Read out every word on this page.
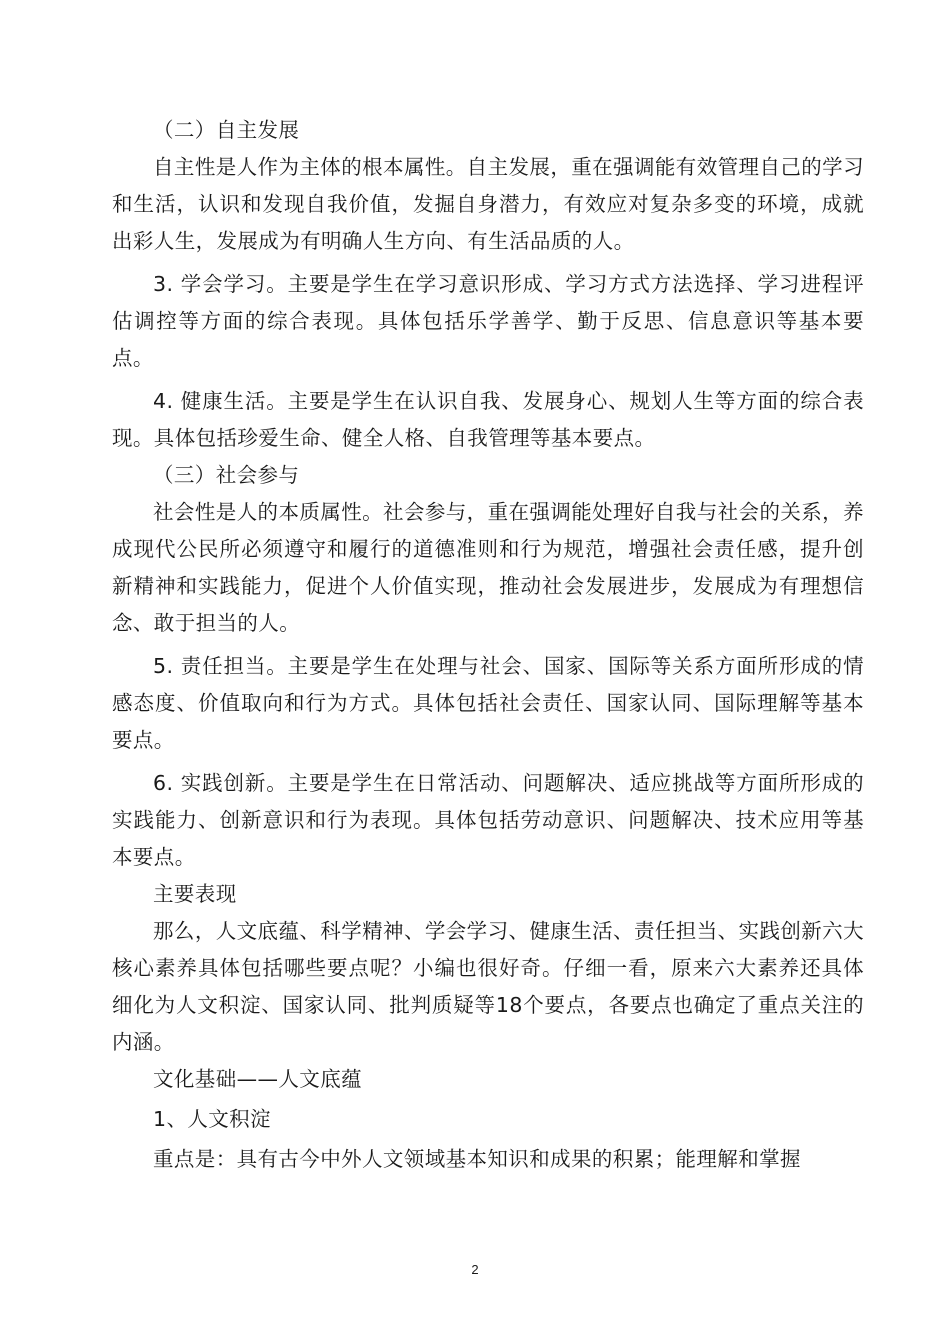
（二）自主发展

自主性是人作为主体的根本属性。自主发展，重在强调能有效管理自己的学习和生活，认识和发现自我价值，发掘自身潜力，有效应对复杂多变的环境，成就出彩人生，发展成为有明确人生方向、有生活品质的人。

3. 学会学习。主要是学生在学习意识形成、学习方式方法选择、学习进程评估调控等方面的综合表现。具体包括乐学善学、勤于反思、信息意识等基本要点。

4. 健康生活。主要是学生在认识自我、发展身心、规划人生等方面的综合表现。具体包括珍爱生命、健全人格、自我管理等基本要点。

（三）社会参与

社会性是人的本质属性。社会参与，重在强调能处理好自我与社会的关系，养成现代公民所必须遵守和履行的道德准则和行为规范，增强社会责任感，提升创新精神和实践能力，促进个人价值实现，推动社会发展进步，发展成为有理想信念、敢于担当的人。

5. 责任担当。主要是学生在处理与社会、国家、国际等关系方面所形成的情感态度、价值取向和行为方式。具体包括社会责任、国家认同、国际理解等基本要点。

6. 实践创新。主要是学生在日常活动、问题解决、适应挑战等方面所形成的实践能力、创新意识和行为表现。具体包括劳动意识、问题解决、技术应用等基本要点。

主要表现

那么，人文底蕴、科学精神、学会学习、健康生活、责任担当、实践创新六大核心素养具体包括哪些要点呢？小编也很好奇。仔细一看，原来六大素养还具体细化为人文积淀、国家认同、批判质疑等18个要点，各要点也确定了重点关注的内涵。

文化基础——人文底蕴

1、人文积淀

重点是：具有古今中外人文领域基本知识和成果的积累；能理解和掌握

2
